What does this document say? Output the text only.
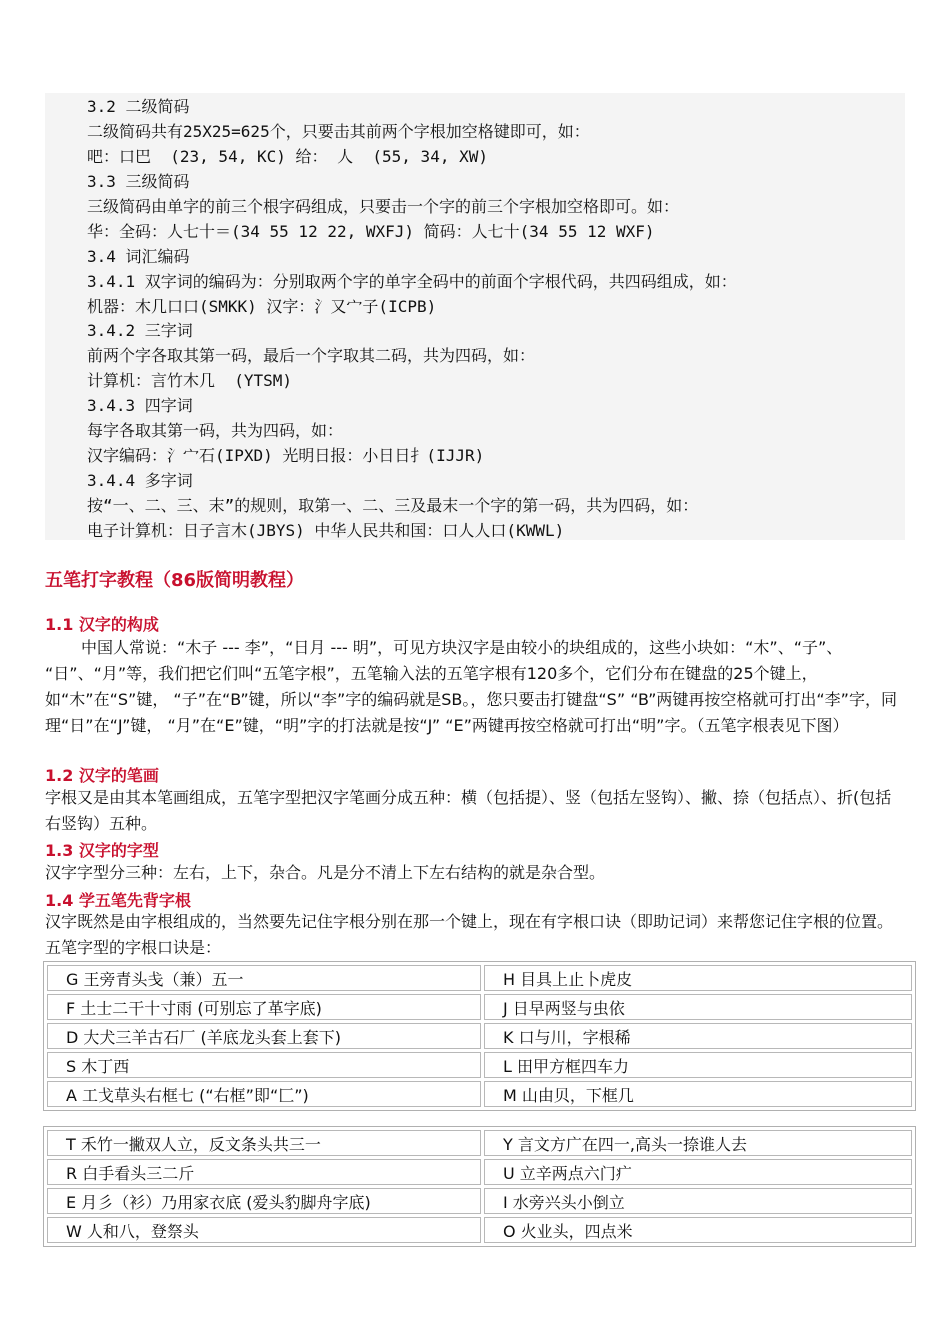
3.2 二级简码
二级简码共有25X25=625个，只要击其前两个字根加空格键即可，如：
吧：口巴  (23, 54, KC) 给： 人  (55, 34, XW)
3.3 三级简码
三级简码由单字的前三个根字码组成，只要击一个字的前三个字根加空格即可。如：
华：全码：人七十＝(34 55 12 22, WXFJ) 简码：人七十(34 55 12 WXF)
3.4 词汇编码
3.4.1 双字词的编码为：分别取两个字的单字全码中的前面个字根代码，共四码组成，如：
机器：木几口口(SMKK) 汉字：氵又宀子(ICPB)
3.4.2 三字词
前两个字各取其第一码，最后一个字取其二码，共为四码，如：
计算机：言竹木几  (YTSM)
3.4.3 四字词
每字各取其第一码，共为四码，如：
汉字编码：氵宀石(IPXD) 光明日报：小日日扌(IJJR)
3.4.4 多字词
按“一、二、三、末”的规则，取第一、二、三及最末一个字的第一码，共为四码，如：
电子计算机：日子言木(JBYS) 中华人民共和国：口人人口(KWWL)
五笔打字教程（86版简明教程）
1.1 汉字的构成
中国人常说：“木子 --- 李”，“日月 --- 明”，可见方块汉字是由较小的块组成的，这些小块如：“木”、“子”、 “日”、“月”等，我们把它们叫“五笔字根”，五笔输入法的五笔字根有120多个，它们分布在键盘的25个键上，如“木”在“S”键， “子”在“B”键，所以“李”字的编码就是SB。，您只要击打键盘“S” “B”两键再按空格就可打出“李”字，同理“日”在“J”键， “月”在“E”键，“明”字的打法就是按“J” “E”两键再按空格就可打出“明”字。（五笔字根表见下图）
1.2 汉字的笔画
字根又是由其本笔画组成，五笔字型把汉字笔画分成五种：横（包括提）、竖（包括左竖钩）、撇、捺（包括点）、折(包括右竖钩）五种。
1.3 汉字的字型
汉字字型分三种：左右，上下，杂合。凡是分不清上下左右结构的就是杂合型。
1.4 学五笔先背字根
汉字既然是由字根组成的，当然要先记住字根分别在那一个键上，现在有字根口诀（即助记词）来帮您记住字根的位置。五笔字型的字根口诀是：
G 王旁青头戋（兼）五一	H 目具上止卜虎皮
F 土士二干十寸雨 (可别忘了革字底)	J 日早两竖与虫依
D 大犬三羊古石厂 (羊底龙头套上套下)	K 口与川，字根稀
S 木丁西	L 田甲方框四车力
A 工戈草头右框七 (“右框”即“匚”)	M 山由贝，下框几
T 禾竹一撇双人立，反文条头共三一	Y 言文方广在四一,高头一捺谁人去
R 白手看头三二斤	U 立辛两点六门疒
E 月彡（衫）乃用家衣底 (爱头豹脚舟字底)	I 水旁兴头小倒立
W 人和八，登祭头	O 火业头，四点米
